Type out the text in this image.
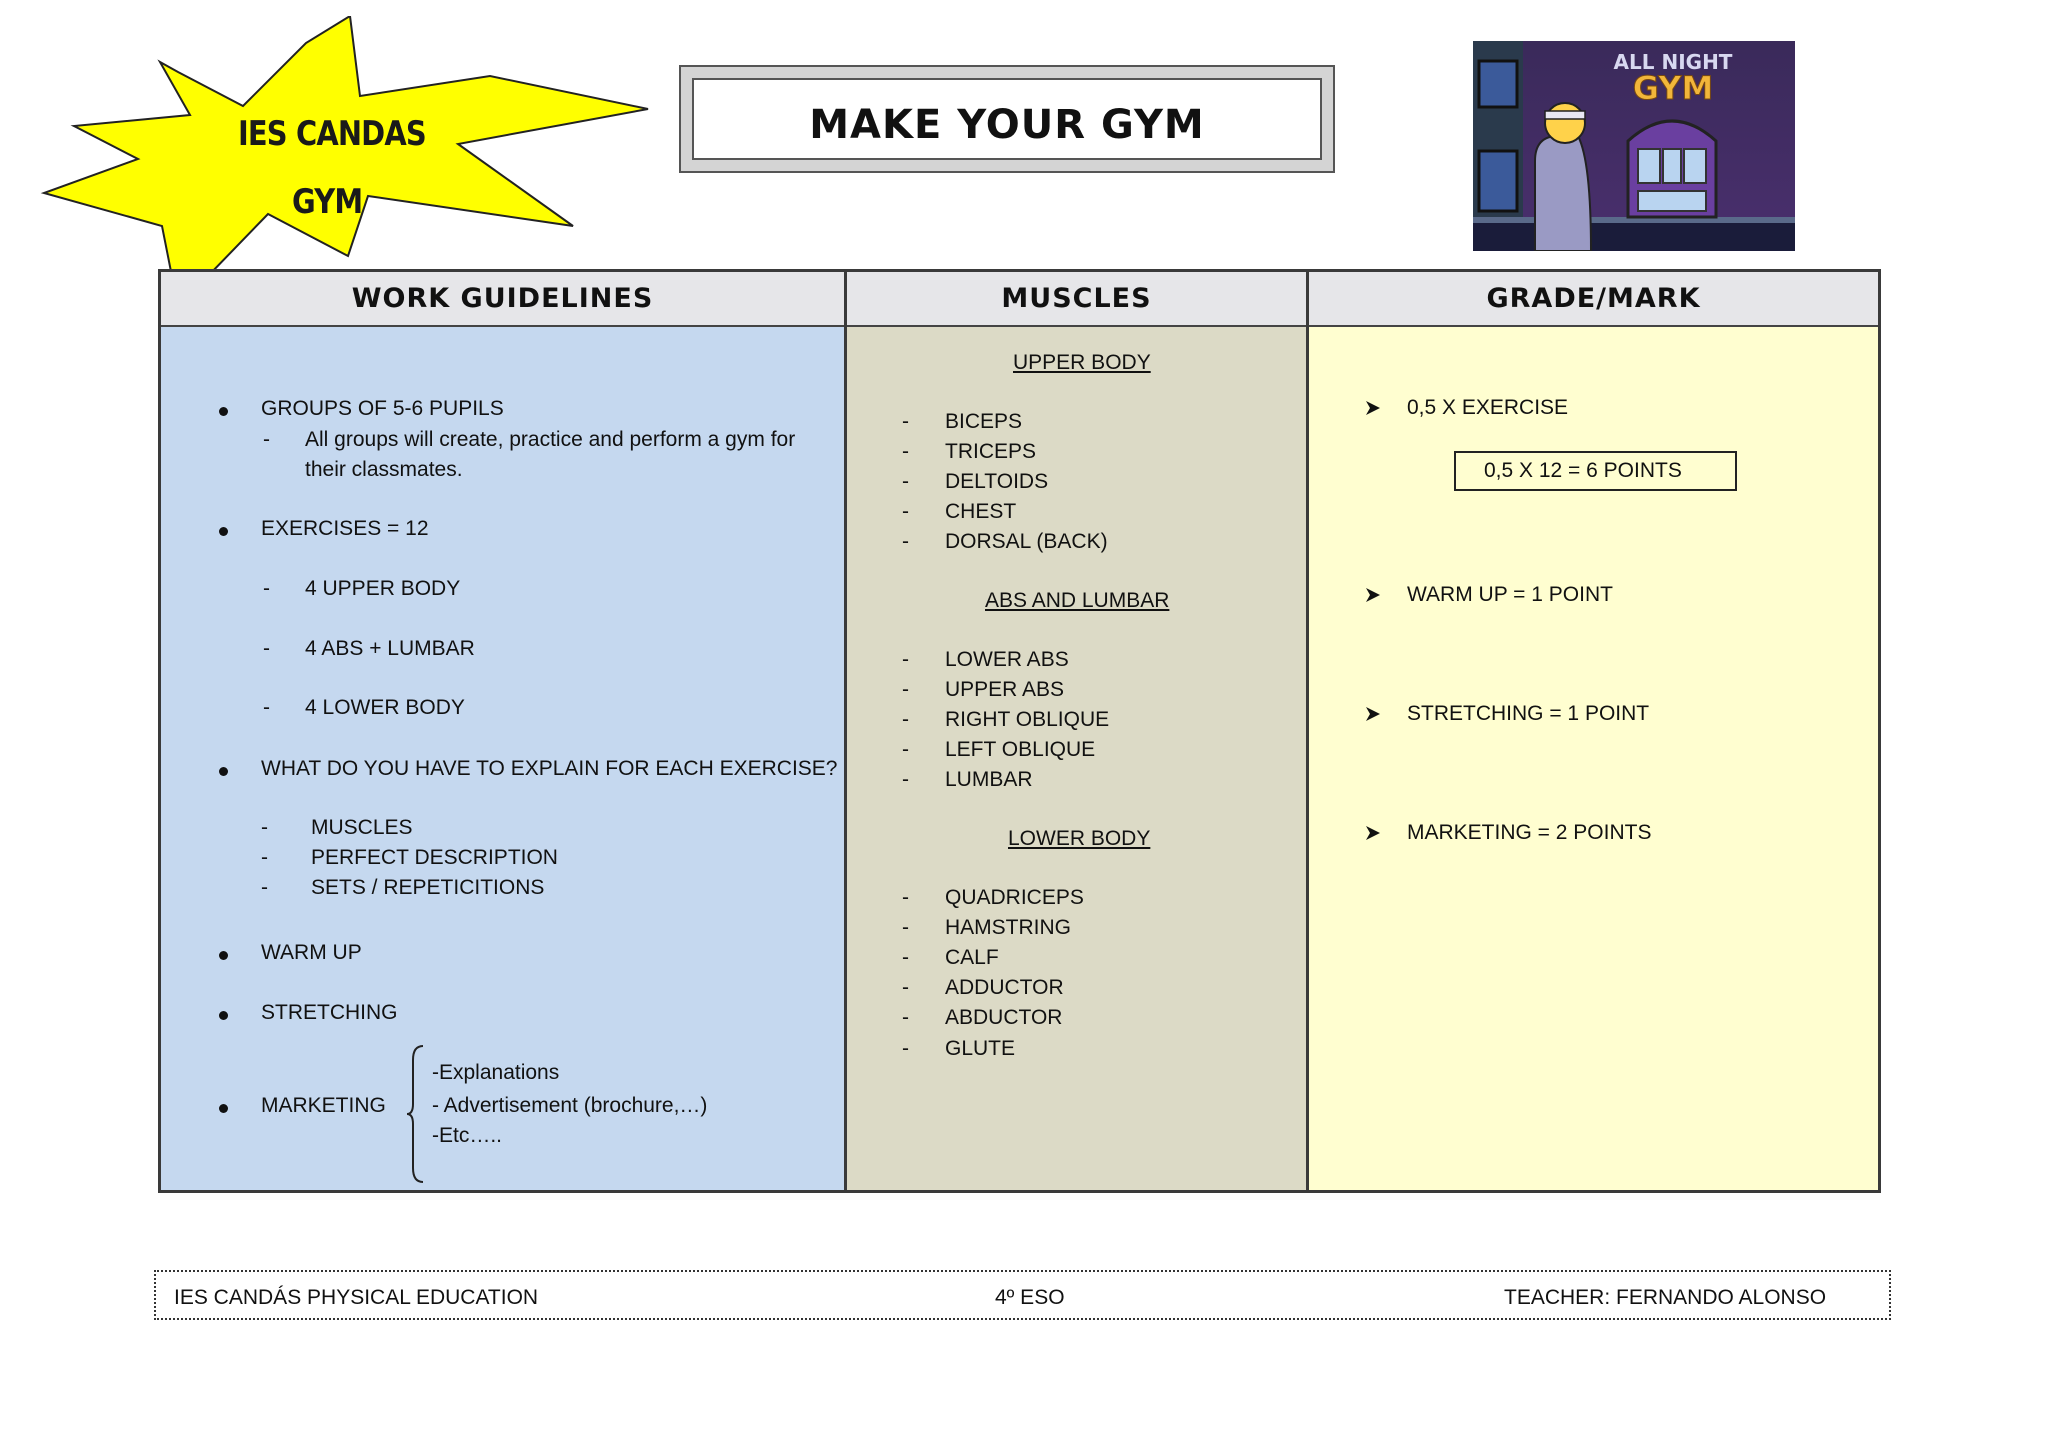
IES CANDAS
GYM
MAKE YOUR GYM
ALL NIGHT
GYM
WORK GUIDELINES
GROUPS OF 5-6 PUPILS
- All groups will create, practice and perform a gym for
their classmates.
EXERCISES = 12
- 4 UPPER BODY
- 4 ABS + LUMBAR
- 4 LOWER BODY
WHAT DO YOU HAVE TO EXPLAIN FOR EACH EXERCISE?
- MUSCLES
- PERFECT DESCRIPTION
- SETS / REPETICITIONS
WARM UP
STRETCHING
MARKETING
-Explanations
- Advertisement (brochure,…)
-Etc…..
MUSCLES
UPPER BODY
- BICEPS
- TRICEPS
- DELTOIDS
- CHEST
- DORSAL (BACK)
ABS AND LUMBAR
- LOWER ABS
- UPPER ABS
- RIGHT OBLIQUE
- LEFT OBLIQUE
- LUMBAR
LOWER BODY
- QUADRICEPS
- HAMSTRING
- CALF
- ADDUCTOR
- ABDUCTOR
- GLUTE
GRADE/MARK
0,5 X EXERCISE
0,5 X 12 = 6 POINTS
WARM UP = 1 POINT
STRETCHING = 1 POINT
MARKETING = 2 POINTS
IES CANDÁS PHYSICAL EDUCATION	4º ESO	TEACHER: FERNANDO ALONSO
